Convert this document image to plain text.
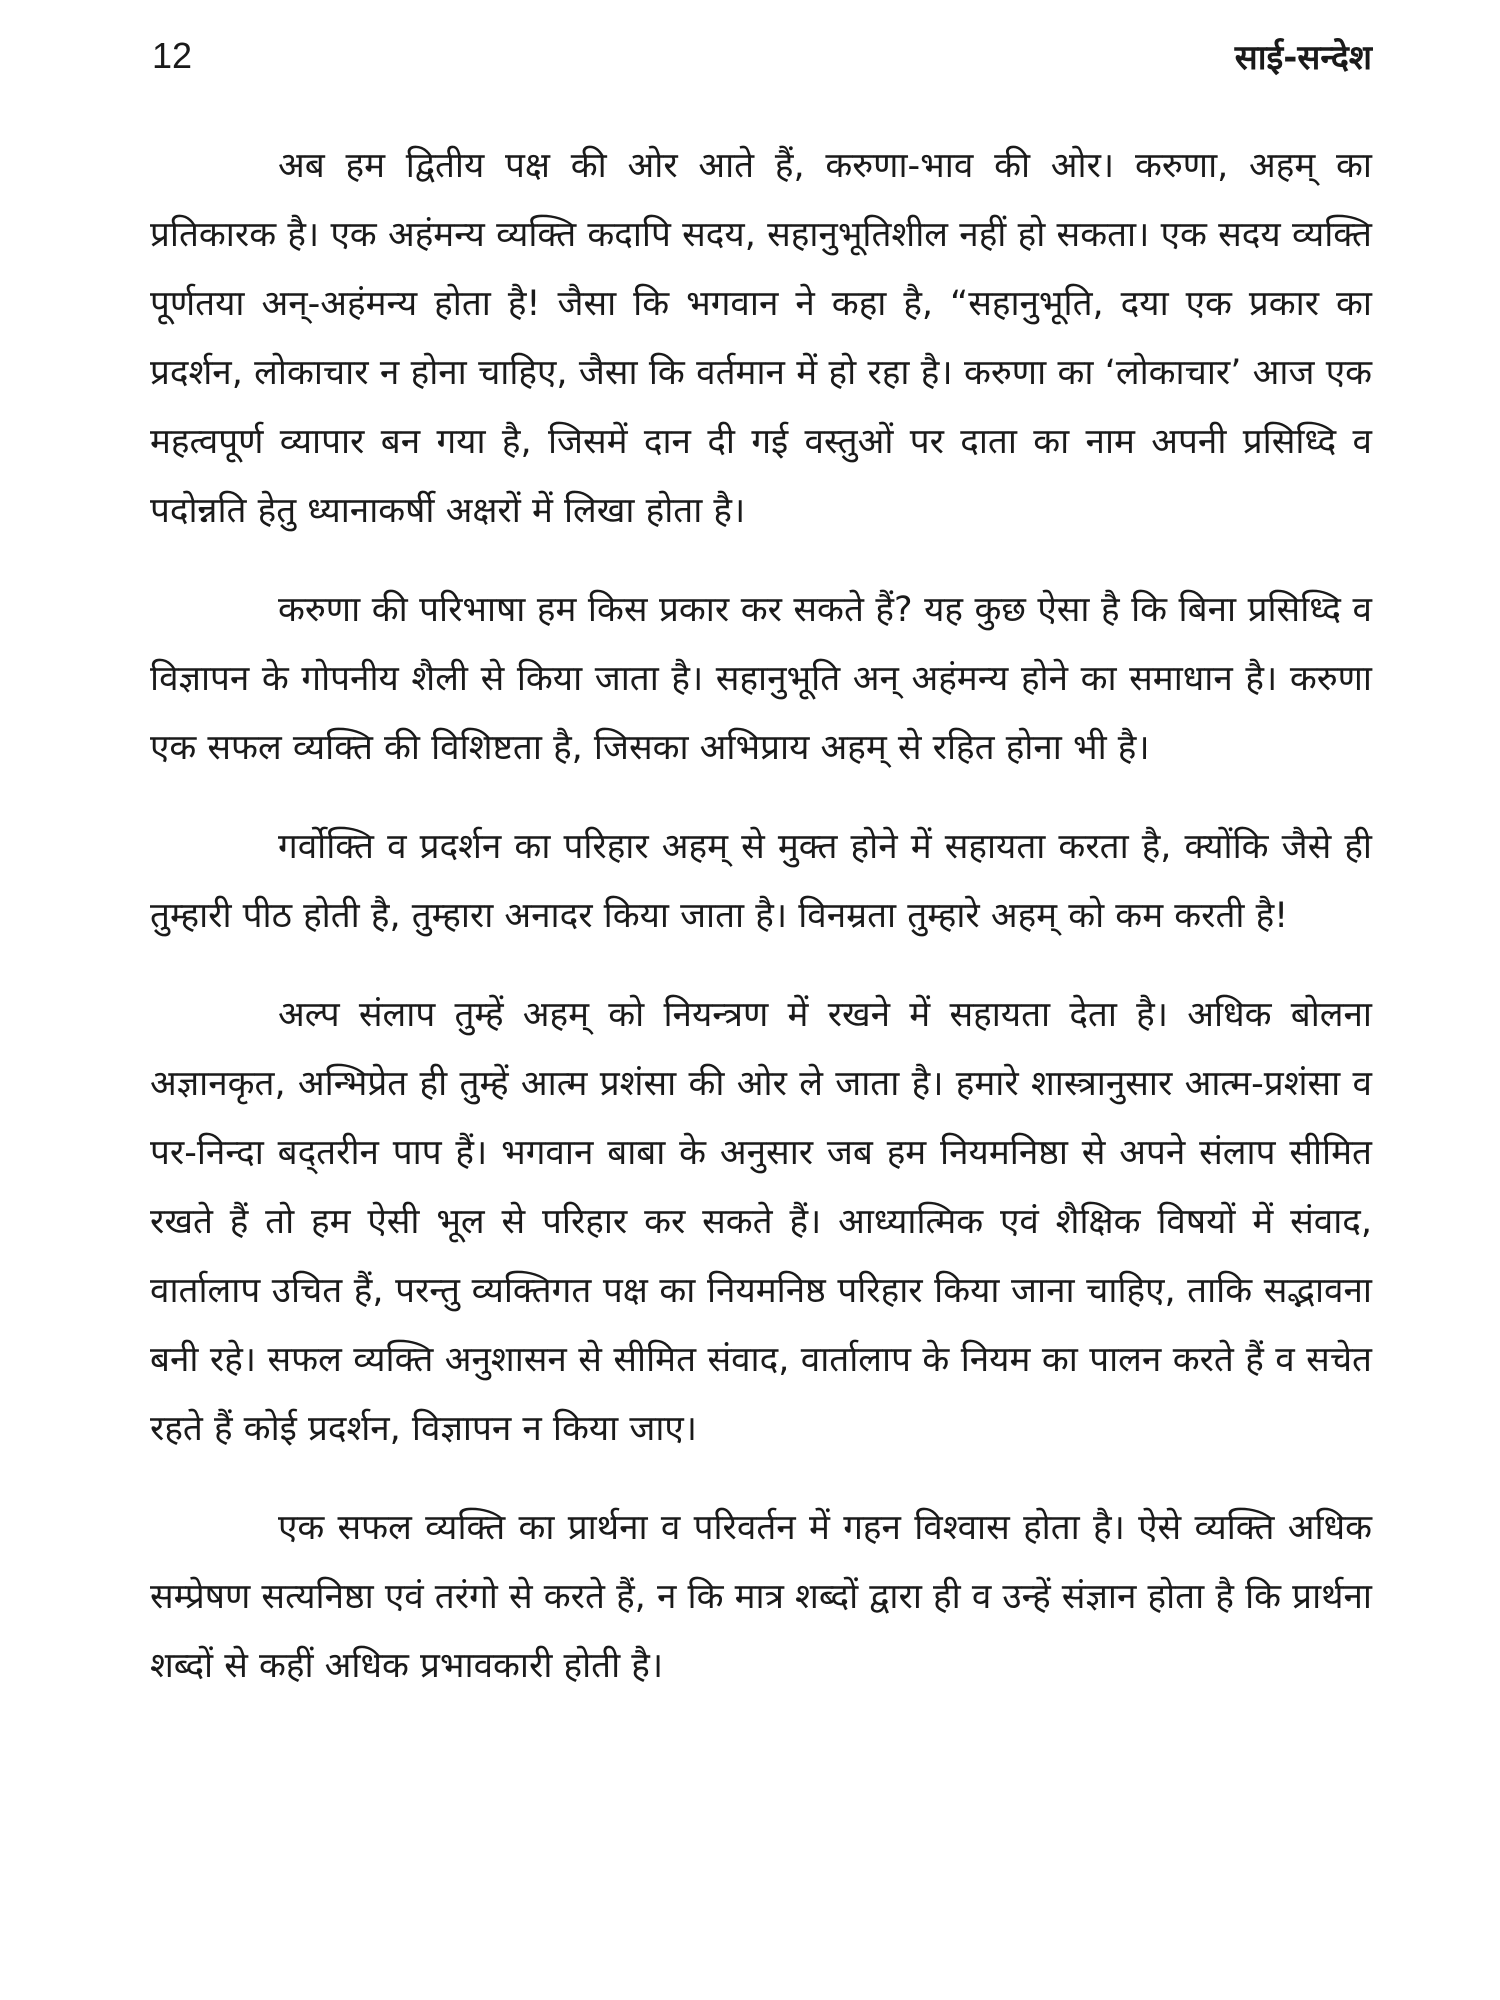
12	साई-सन्देश

अब हम द्वितीय पक्ष की ओर आते हैं, करुणा-भाव की ओर। करुणा, अहम् का प्रतिकारक है। एक अहंमन्य व्यक्ति कदापि सदय, सहानुभूतिशील नहीं हो सकता। एक सदय व्यक्ति पूर्णतया अन्-अहंमन्य होता है! जैसा कि भगवान ने कहा है, “सहानुभूति, दया एक प्रकार का प्रदर्शन, लोकाचार न होना चाहिए, जैसा कि वर्तमान में हो रहा है। करुणा का ‘लोकाचार’ आज एक महत्वपूर्ण व्यापार बन गया है, जिसमें दान दी गई वस्तुओं पर दाता का नाम अपनी प्रसिध्दि व पदोन्नति हेतु ध्यानाकर्षी अक्षरों में लिखा होता है।

करुणा की परिभाषा हम किस प्रकार कर सकते हैं? यह कुछ ऐसा है कि बिना प्रसिध्दि व विज्ञापन के गोपनीय शैली से किया जाता है। सहानुभूति अन् अहंमन्य होने का समाधान है। करुणा एक सफल व्यक्ति की विशिष्टता है, जिसका अभिप्राय अहम् से रहित होना भी है।

गर्वोक्ति व प्रदर्शन का परिहार अहम् से मुक्त होने में सहायता करता है, क्योंकि जैसे ही तुम्हारी पीठ होती है, तुम्हारा अनादर किया जाता है। विनम्रता तुम्हारे अहम् को कम करती है!

अल्प संलाप तुम्हें अहम् को नियन्त्रण में रखने में सहायता देता है। अधिक बोलना अज्ञानकृत, अन्भिप्रेत ही तुम्हें आत्म प्रशंसा की ओर ले जाता है। हमारे शास्त्रानुसार आत्म-प्रशंसा व पर-निन्दा बद्तरीन पाप हैं। भगवान बाबा के अनुसार जब हम नियमनिष्ठा से अपने संलाप सीमित रखते हैं तो हम ऐसी भूल से परिहार कर सकते हैं। आध्यात्मिक एवं शैक्षिक विषयों में संवाद, वार्तालाप उचित हैं, परन्तु व्यक्तिगत पक्ष का नियमनिष्ठ परिहार किया जाना चाहिए, ताकि सद्भावना बनी रहे। सफल व्यक्ति अनुशासन से सीमित संवाद, वार्तालाप के नियम का पालन करते हैं व सचेत रहते हैं कोई प्रदर्शन, विज्ञापन न किया जाए।

एक सफल व्यक्ति का प्रार्थना व परिवर्तन में गहन विश्वास होता है। ऐसे व्यक्ति अधिक सम्प्रेषण सत्यनिष्ठा एवं तरंगो से करते हैं, न कि मात्र शब्दों द्वारा ही व उन्हें संज्ञान होता है कि प्रार्थना शब्दों से कहीं अधिक प्रभावकारी होती है।
